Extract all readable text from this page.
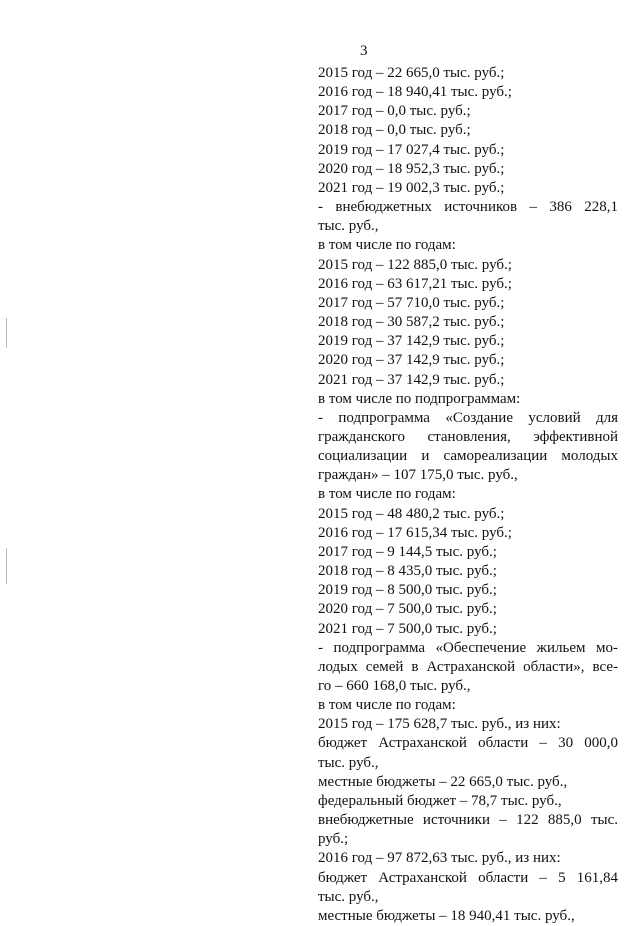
3
2015 год – 22 665,0 тыс. руб.;
2016 год – 18 940,41 тыс. руб.;
2017 год – 0,0 тыс. руб.;
2018 год – 0,0 тыс. руб.;
2019 год – 17 027,4 тыс. руб.;
2020 год – 18 952,3 тыс. руб.;
2021 год – 19 002,3 тыс. руб.;
- внебюджетных источников – 386 228,1
тыс. руб.,
в том числе по годам:
2015 год – 122 885,0 тыс. руб.;
2016 год – 63 617,21 тыс. руб.;
2017 год – 57 710,0 тыс. руб.;
2018 год – 30 587,2 тыс. руб.;
2019 год – 37 142,9 тыс. руб.;
2020 год – 37 142,9 тыс. руб.;
2021 год – 37 142,9 тыс. руб.;
в том числе по подпрограммам:
- подпрограмма «Создание условий для
гражданского становления, эффективной
социализации и самореализации молодых
граждан» – 107 175,0 тыс. руб.,
в том числе по годам:
2015 год – 48 480,2 тыс. руб.;
2016 год – 17 615,34 тыс. руб.;
2017 год – 9 144,5 тыс. руб.;
2018 год – 8 435,0 тыс. руб.;
2019 год – 8 500,0 тыс. руб.;
2020 год – 7 500,0 тыс. руб.;
2021 год – 7 500,0 тыс. руб.;
- подпрограмма «Обеспечение жильем мо-
лодых семей в Астраханской области», все-
го – 660 168,0 тыс. руб.,
в том числе по годам:
2015 год – 175 628,7 тыс. руб., из них:
бюджет Астраханской области – 30 000,0
тыс. руб.,
местные бюджеты – 22 665,0 тыс. руб.,
федеральный бюджет – 78,7 тыс. руб.,
внебюджетные источники – 122 885,0 тыс.
руб.;
2016 год – 97 872,63 тыс. руб., из них:
бюджет Астраханской области – 5 161,84
тыс. руб.,
местные бюджеты – 18 940,41 тыс. руб.,
